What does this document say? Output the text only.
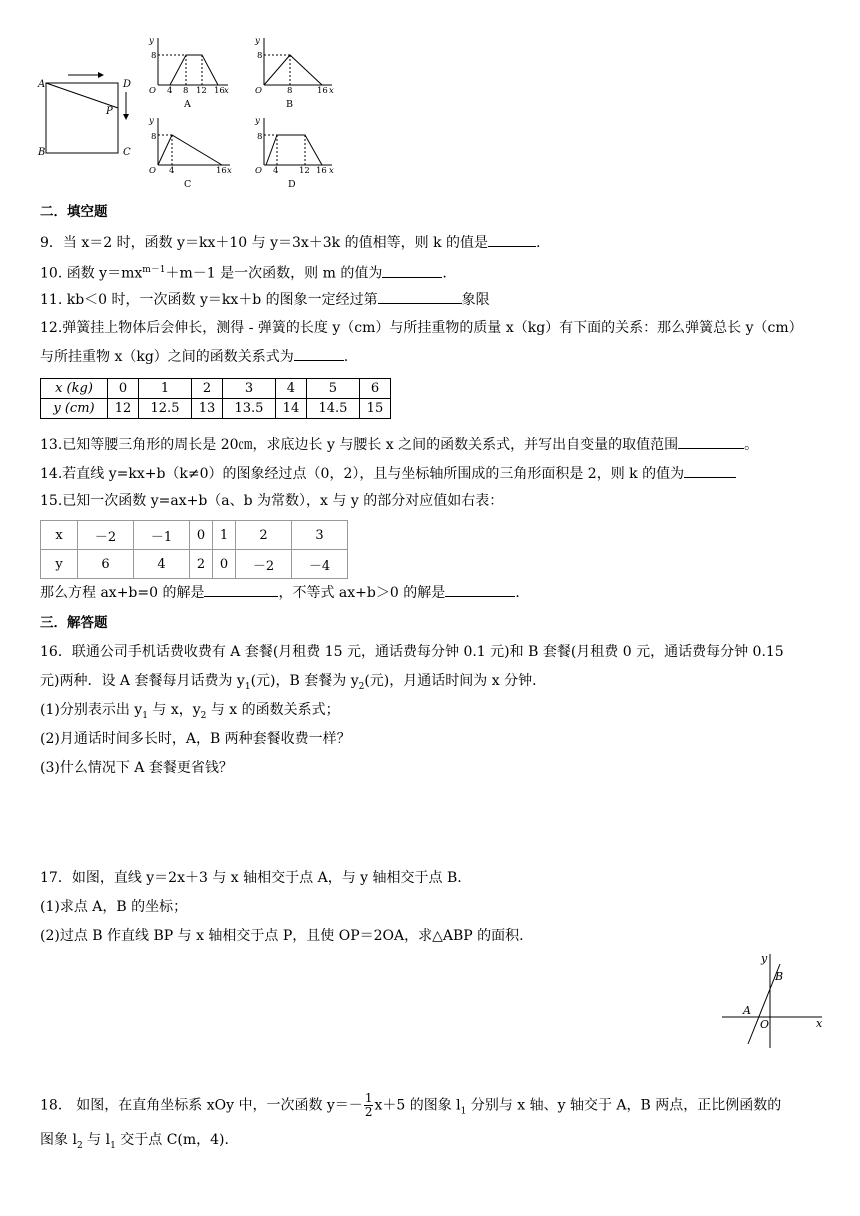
A	D
P
B	C
y
8
O 4 8 12 16 x
A
y
8
O	8	16 x
B
y
8
O 4	16 x
C
y
8
O 4 12 16 x
D
二．填空题
9．当 x＝2 时，函数 y＝kx＋10 与 y＝3x＋3k 的值相等，则 k 的值是	.
10. 函数 $y=mx^{m-1}+m-1$ 是一次函数，则 m 的值为	.
11. kb＜0 时，一次函数 y＝kx＋b 的图象一定经过第	象限
12.弹簧挂上物体后会伸长，测得 - 弹簧的长度 y（cm）与所挂重物的质量 x（kg）有下面的关系：那么弹簧总长 y（cm）
与所挂重物 x（kg）之间的函数关系式为	.
x (kg)	0	1	2	3	4	5	6
y (cm)	12	12.5	13	13.5	14	14.5	15
13.已知等腰三角形的周长是 20㎝，求底边长 y 与腰长 x 之间的函数关系式，并写出自变量的取值范围	。
14.若直线 y=kx+b（k≠0）的图象经过点（0，2），且与坐标轴所围成的三角形面积是 2，则 k 的值为
15.已知一次函数 y=ax+b（a、b 为常数），x 与 y 的部分对应值如右表：
x	－2	－1	0	1	2	3
y	6	4	2	0	－2	－4
那么方程 ax+b=0 的解是	，不等式 ax+b＞0 的解是	.
三．解答题
16．联通公司手机话费收费有 A 套餐(月租费 15 元，通话费每分钟 0.1 元)和 B 套餐(月租费 0 元，通话费每分钟 0.15
元)两种．设 A 套餐每月话费为 $y_1$(元)，B 套餐为 $y_2$(元)，月通话时间为 x 分钟．
(1)分别表示出 $y_1$ 与 x，$y_2$ 与 x 的函数关系式；
(2)月通话时间多长时，A，B 两种套餐收费一样？
(3)什么情况下 A 套餐更省钱？
17．如图，直线 y＝2x＋3 与 x 轴相交于点 A，与 y 轴相交于点 B.
(1)求点 A，B 的坐标；
(2)过点 B 作直线 BP 与 x 轴相交于点 P，且使 OP＝2OA，求△ABP 的面积.
y
x
B
A
O
18． 如图，在直角坐标系 xOy 中，一次函数 $y=- \frac{1}{2} x+5$ 的图象 $l_1$ 分别与 x 轴、y 轴交于 A，B 两点，正比例函数的
图象 $l_2$ 与 $l_1$ 交于点 C(m，4).
